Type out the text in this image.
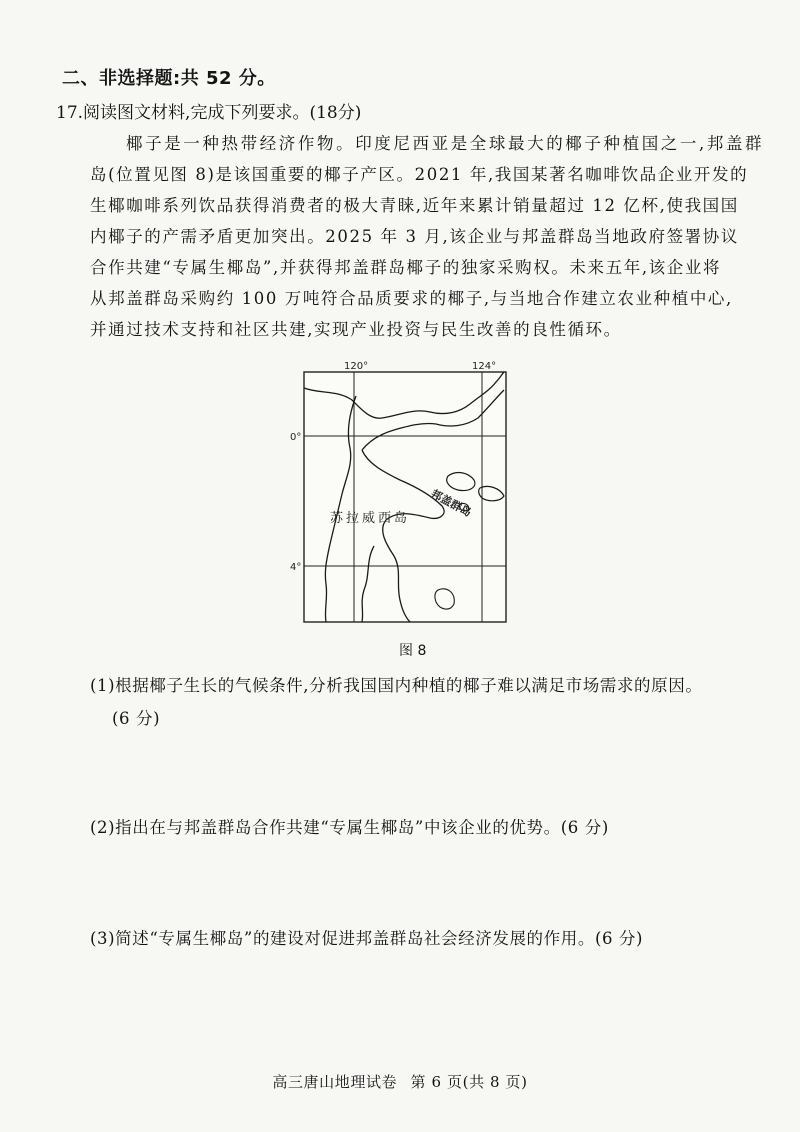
二、非选择题:共 52 分。
17.阅读图文材料,完成下列要求。(18分)
椰子是一种热带经济作物。印度尼西亚是全球最大的椰子种植国之一,邦盖群
岛(位置见图 8)是该国重要的椰子产区。2021 年,我国某著名咖啡饮品企业开发的
生椰咖啡系列饮品获得消费者的极大青睐,近年来累计销量超过 12 亿杯,使我国国
内椰子的产需矛盾更加突出。2025 年 3 月,该企业与邦盖群岛当地政府签署协议
合作共建“专属生椰岛”,并获得邦盖群岛椰子的独家采购权。未来五年,该企业将
从邦盖群岛采购约 100 万吨符合品质要求的椰子,与当地合作建立农业种植中心,
并通过技术支持和社区共建,实现产业投资与民生改善的良性循环。
120°	124°
0°
4°
苏拉威西岛 邦盖群岛
图 8
(1)根据椰子生长的气候条件,分析我国国内种植的椰子难以满足市场需求的原因。
(6 分)
(2)指出在与邦盖群岛合作共建“专属生椰岛”中该企业的优势。(6 分)
(3)简述“专属生椰岛”的建设对促进邦盖群岛社会经济发展的作用。(6 分)
高三唐山地理试卷 第 6 页(共 8 页)
